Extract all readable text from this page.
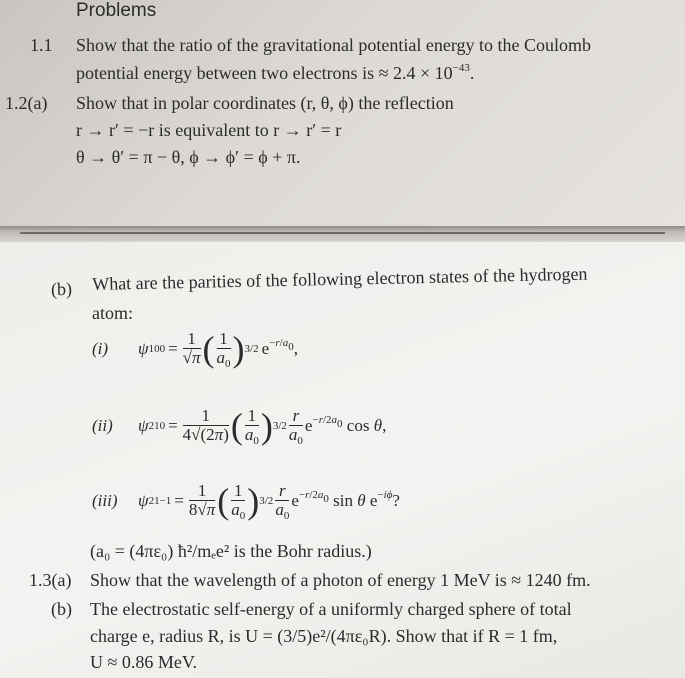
Problems
1.1 Show that the ratio of the gravitational potential energy to the Coulomb
potential energy between two electrons is ≈ $2.4 \times 10^{-43}$.
1.2(a) Show that in polar coordinates (r, θ, ϕ) the reflection
r → r′ = −r is equivalent to r → r′ = r
θ → θ′ = π − θ, ϕ → ϕ′ = ϕ + π.
(b) What are the parities of the following electron states of the hydrogen
atom:
(i)	ψ $100 = \frac{1}{√\pi}$ ( $\frac{1}{a_0}$ ) 3/2 $e^{-r/a_0}$,
(ii)	ψ $210 = \frac{1}{4√(2\pi)}$ ( $\frac{1}{a_0}$ ) $3/2 \frac{r}{a_0} e^{-r/2a_0}$ cos θ,
(iii)	ψ $21-1 = \frac{1}{8√\pi}$ ( $\frac{1}{a_0}$ ) $3/2 \frac{r}{a_0} e^{-r/2a_0}$ sin θ $e^{-i\phi}$?
(a₀ = (4πε₀) ħ²/mₑe² is the Bohr radius.)
1.3(a) Show that the wavelength of a photon of energy 1 MeV is ≈ 1240 fm.
(b) The electrostatic self-energy of a uniformly charged sphere of total
charge e, radius R, is U = (3/5)e²/(4πε₀R). Show that if R = 1 fm,
U ≈ 0.86 MeV.
